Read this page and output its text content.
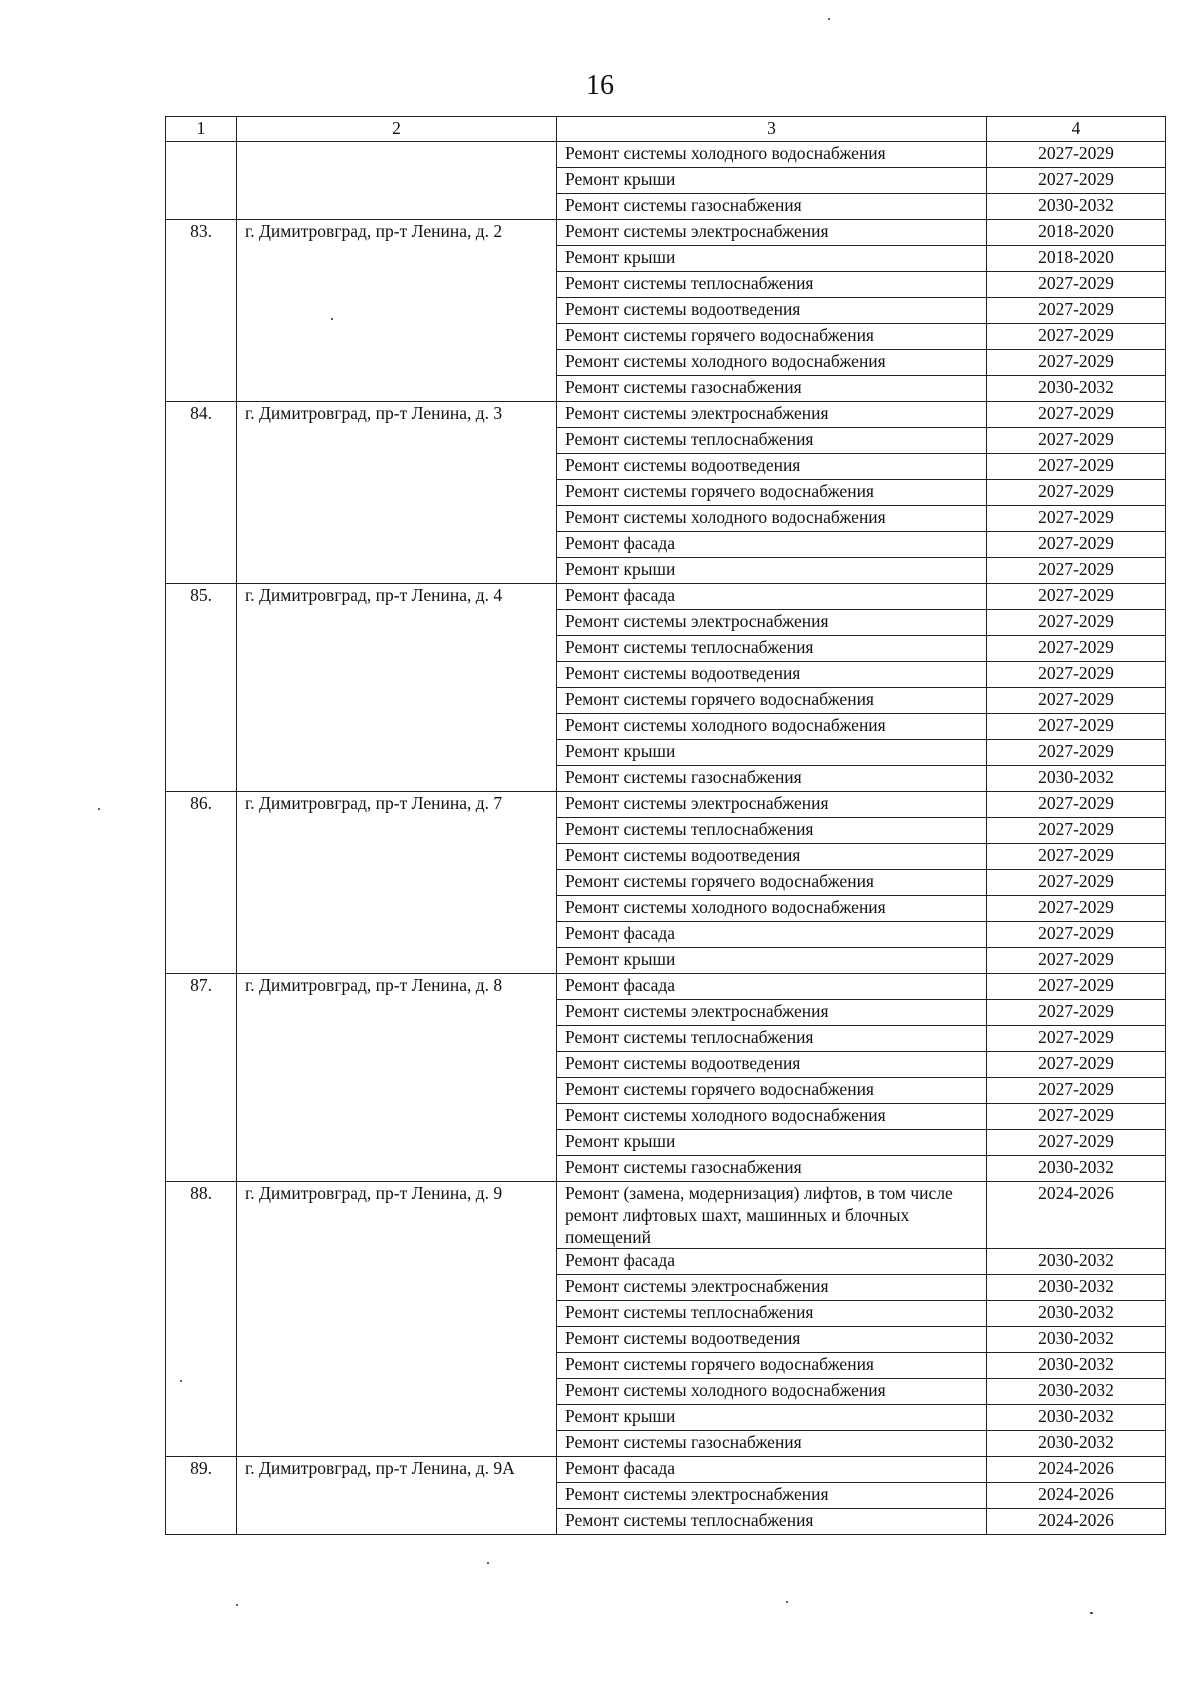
16
1	2	3	4
		Ремонт системы холодного водоснабжения	2027-2029
		Ремонт крыши	2027-2029
		Ремонт системы газоснабжения	2030-2032
83.	г. Димитровград, пр-т Ленина, д. 2	Ремонт системы электроснабжения	2018-2020
		Ремонт крыши	2018-2020
		Ремонт системы теплоснабжения	2027-2029
		Ремонт системы водоотведения	2027-2029
		Ремонт системы горячего водоснабжения	2027-2029
		Ремонт системы холодного водоснабжения	2027-2029
		Ремонт системы газоснабжения	2030-2032
84.	г. Димитровград, пр-т Ленина, д. 3	Ремонт системы электроснабжения	2027-2029
		Ремонт системы теплоснабжения	2027-2029
		Ремонт системы водоотведения	2027-2029
		Ремонт системы горячего водоснабжения	2027-2029
		Ремонт системы холодного водоснабжения	2027-2029
		Ремонт фасада	2027-2029
		Ремонт крыши	2027-2029
85.	г. Димитровград, пр-т Ленина, д. 4	Ремонт фасада	2027-2029
		Ремонт системы электроснабжения	2027-2029
		Ремонт системы теплоснабжения	2027-2029
		Ремонт системы водоотведения	2027-2029
		Ремонт системы горячего водоснабжения	2027-2029
		Ремонт системы холодного водоснабжения	2027-2029
		Ремонт крыши	2027-2029
		Ремонт системы газоснабжения	2030-2032
86.	г. Димитровград, пр-т Ленина, д. 7	Ремонт системы электроснабжения	2027-2029
		Ремонт системы теплоснабжения	2027-2029
		Ремонт системы водоотведения	2027-2029
		Ремонт системы горячего водоснабжения	2027-2029
		Ремонт системы холодного водоснабжения	2027-2029
		Ремонт фасада	2027-2029
		Ремонт крыши	2027-2029
87.	г. Димитровград, пр-т Ленина, д. 8	Ремонт фасада	2027-2029
		Ремонт системы электроснабжения	2027-2029
		Ремонт системы теплоснабжения	2027-2029
		Ремонт системы водоотведения	2027-2029
		Ремонт системы горячего водоснабжения	2027-2029
		Ремонт системы холодного водоснабжения	2027-2029
		Ремонт крыши	2027-2029
		Ремонт системы газоснабжения	2030-2032
88.	г. Димитровград, пр-т Ленина, д. 9	Ремонт (замена, модернизация) лифтов, в том числе ремонт лифтовых шахт, машинных и блочных помещений	2024-2026
		Ремонт фасада	2030-2032
		Ремонт системы электроснабжения	2030-2032
		Ремонт системы теплоснабжения	2030-2032
		Ремонт системы водоотведения	2030-2032
		Ремонт системы горячего водоснабжения	2030-2032
		Ремонт системы холодного водоснабжения	2030-2032
		Ремонт крыши	2030-2032
		Ремонт системы газоснабжения	2030-2032
89.	г. Димитровград, пр-т Ленина, д. 9А	Ремонт фасада	2024-2026
		Ремонт системы электроснабжения	2024-2026
		Ремонт системы теплоснабжения	2024-2026
